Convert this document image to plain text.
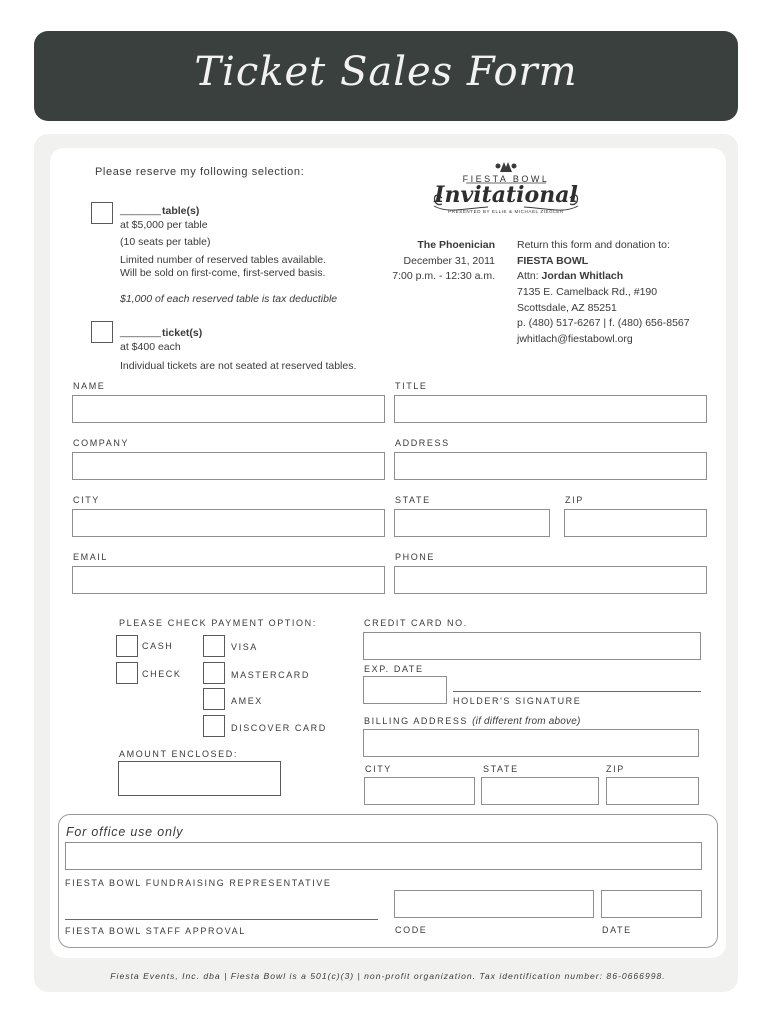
Ticket Sales Form
Please reserve my following selection:
_______ table(s)
at $5,000 per table
(10 seats per table)
Limited number of reserved tables available.
Will be sold on first-come, first-served basis.
$1,000 of each reserved table is tax deductible
_______ ticket(s)
at $400 each
Individual tickets are not seated at reserved tables.
FIESTA BOWL
Invitational
PRESENTED BY ELLIE & MICHAEL ZIEGLER
The Phoenician
December 31, 2011
7:00 p.m. - 12:30 a.m.
Return this form and donation to:
FIESTA BOWL
Attn: Jordan Whitlach
7135 E. Camelback Rd., #190
Scottsdale, AZ 85251
p. (480) 517-6267 | f. (480) 656-8567
jwhitlach@fiestabowl.org
NAME	TITLE
COMPANY	ADDRESS
CITY	STATE	ZIP
EMAIL	PHONE
PLEASE CHECK PAYMENT OPTION:
CASH
CHECK
VISA
MASTERCARD
AMEX
DISCOVER CARD
AMOUNT ENCLOSED:
CREDIT CARD NO.
EXP. DATE
HOLDER'S SIGNATURE
BILLING ADDRESS (if different from above)
CITY	STATE	ZIP
For office use only
FIESTA BOWL FUNDRAISING REPRESENTATIVE
FIESTA BOWL STAFF APPROVAL	CODE	DATE
Fiesta Events, Inc. dba | Fiesta Bowl is a 501(c)(3) | non-profit organization. Tax identification number: 86-0666998.
